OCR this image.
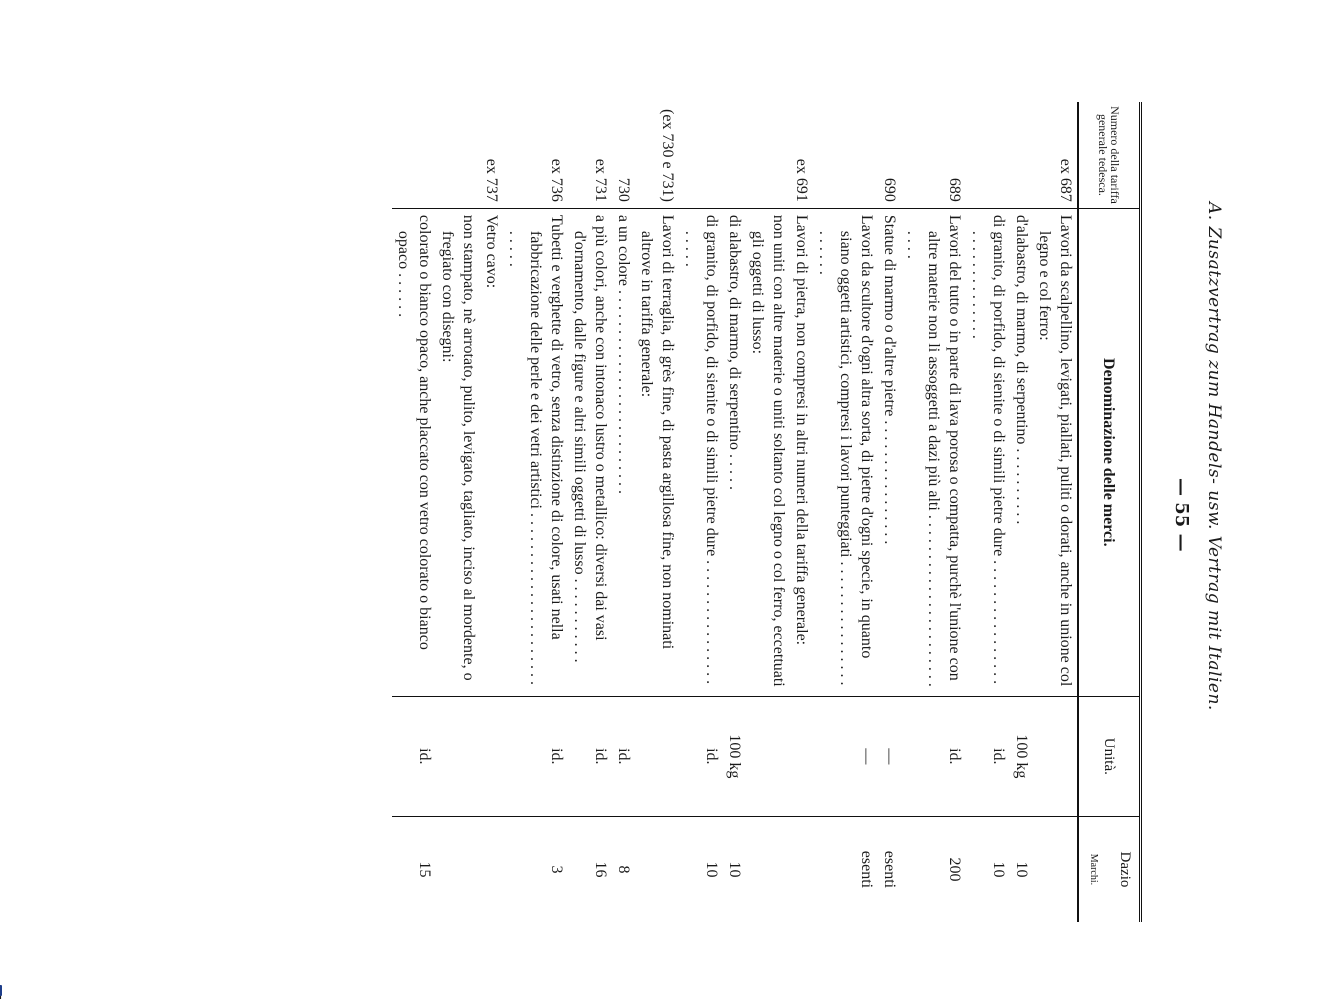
A. Zusatzvertrag zum Handels- usw. Vertrag mit Italien.
— 55 —
Numero della tariffa generale tedesca.	Denominazione delle merci.	Unità.	Dazio
Marchi.

ex 687	Lavori da scalpellino, levigati, piallati, puliti o dorati, anche in unione col legno e col ferro:		

	d'alabastro, di marmo, di serpentino . . . . . . . . . .	100 kg	10

	di granito, di porfido, di sienite o di simili pietre dure . . . . . . . . . . . . . . . . . . . . . . . . . . . . . .	id.	10
689	Lavori del tutto o in parte di lava porosa o compatta, purchè l'unione con altre materie non li assoggetti a dazi più alti . . . . . . . . . . . . . . . . . . . . . . . . . .	id.	200
690	Statue di marmo o d'altre pietre . . . . . . . . . . . . . . . .	—	esenti

	Lavori da scultore d'ogni altra sorta, di pietre d'ogni specie, in quanto siano oggetti artistici, compresi i lavori punteggiati . . . . . . . . . . . . . . . . . . . . . .	—	esenti
ex 691	Lavori di pietra, non compresi in altri numeri della tariffa generale:		

	non uniti con altre materie o uniti soltanto col legno o col ferro, eccettuati gli oggetti di lusso:		

	di alabastro, di marmo, di serpentino . . . . .	100 kg	10

	di granito, di porfido, di sienite o di simili pietre dure . . . . . . . . . . . . . . . . . . . . .	id.	10
(ex 730 e 731)	Lavori di terraglia, di grès fine, di pasta argillosa fine, non nominati altrove in tariffa generale:		

730	a un colore . . . . . . . . . . . . . . . . . . . . . . . . . .	id.	8
ex 731	a più colori, anche con intonaco lustro o metallico: diversi dai vasi d'ornamento, dalle figure e altri simili oggetti di lusso . . . . . . . . . . .	id.	16
ex 736	Tubetti e verghette di vetro, senza distinzione di colore, usati nella fabbricazione delle perle e dei vetri artistici . . . . . . . . . . . . . . . . . . . . . . . . . . .	id.	3
ex 737	Vetro cavo:		

	non stampato, nè arrotato, pulito, levigato, tagliato, inciso al mordente, o fregiato con disegni:		

	colorato o bianco opaco, anche placcato con vetro colorato o bianco opaco . . . . . .	id.	15
